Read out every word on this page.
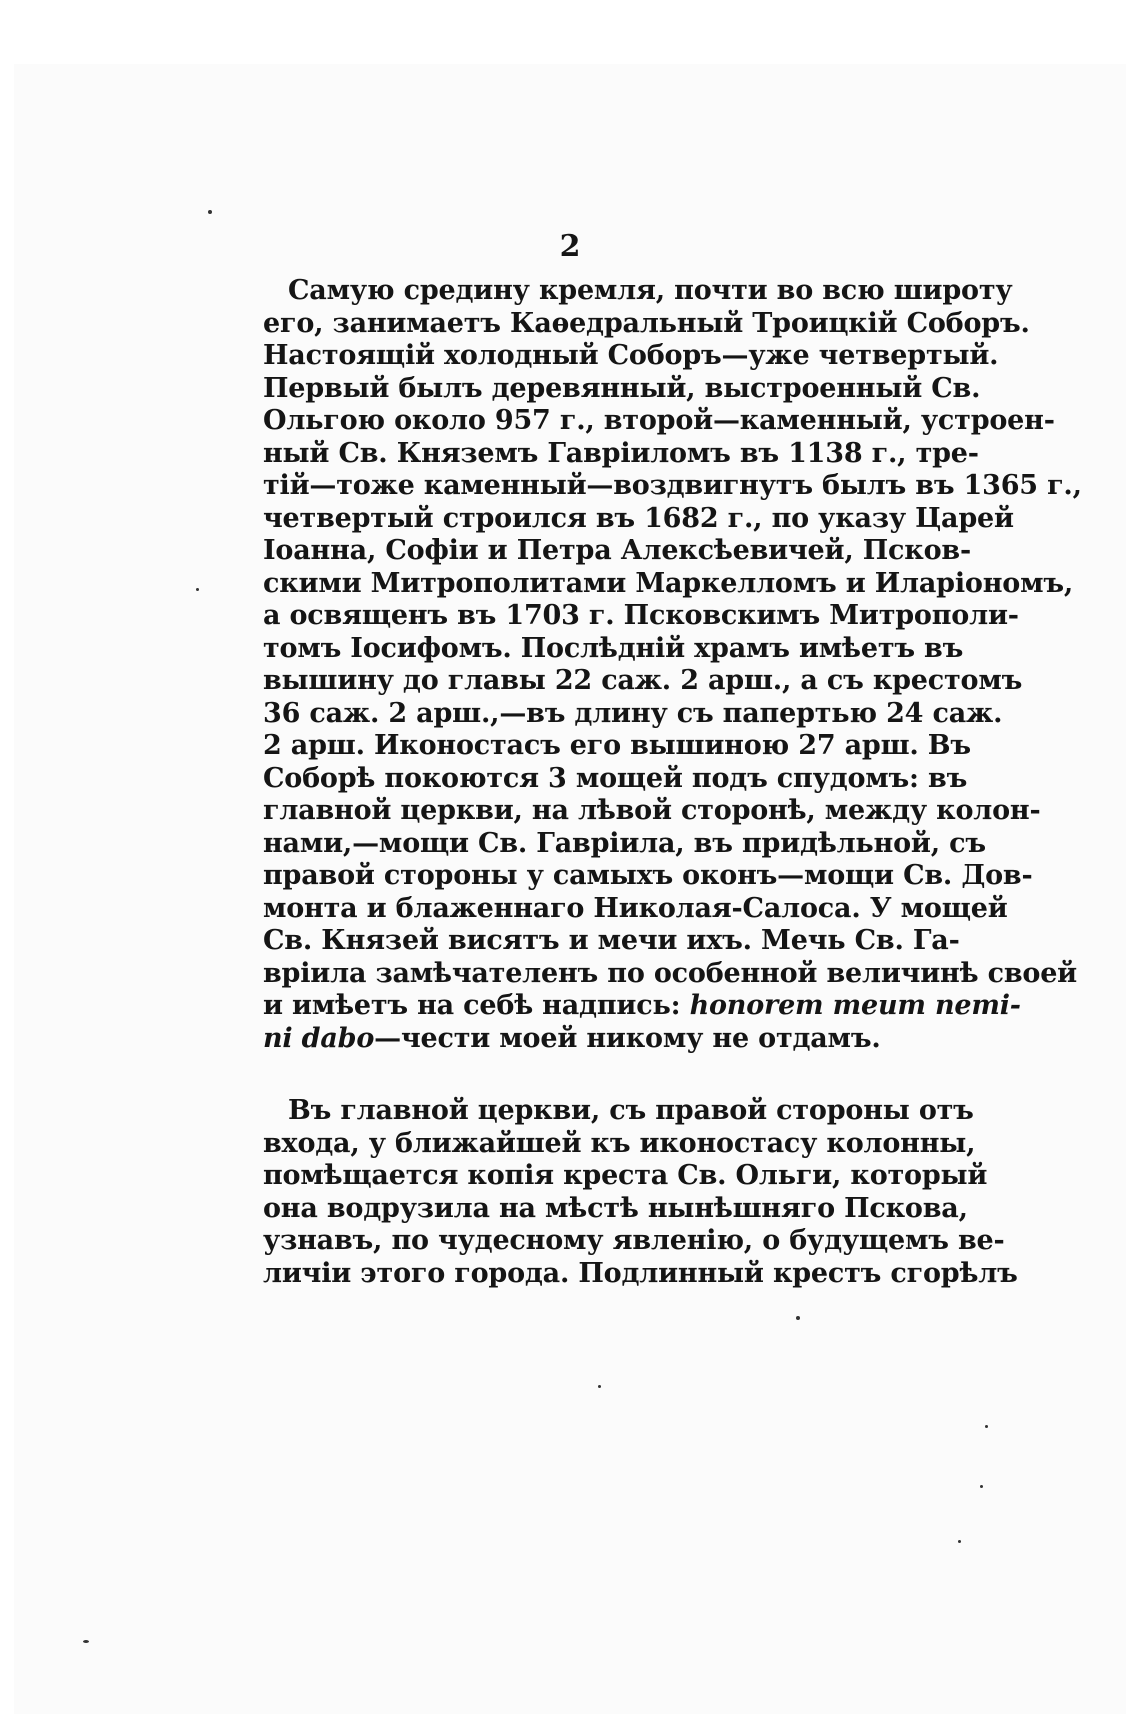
2
Самую средину кремля, почти во всю широту
его, занимаетъ Каѳедральный Троицкій Соборъ.
Настоящій холодный Соборъ—уже четвертый.
Первый былъ деревянный, выстроенный Св.
Ольгою около 957 г., второй—каменный, устроен-
ный Св. Княземъ Гавріиломъ въ 1138 г., тре-
тій—тоже каменный—воздвигнутъ былъ въ 1365 г.,
четвертый строился въ 1682 г., по указу Царей
Іоанна, Софіи и Петра Алексѣевичей, Псков-
скими Митрополитами Маркелломъ и Иларіономъ,
а освященъ въ 1703 г. Псковскимъ Митрополи-
томъ Іосифомъ. Послѣдній храмъ имѣетъ въ
вышину до главы 22 саж. 2 арш., а съ крестомъ
36 саж. 2 арш.,—въ длину съ папертью 24 саж.
2 арш. Иконостасъ его вышиною 27 арш. Въ
Соборѣ покоются 3 мощей подъ спудомъ: въ
главной церкви, на лѣвой сторонѣ, между колон-
нами,—мощи Св. Гавріила, въ придѣльной, съ
правой стороны у самыхъ оконъ—мощи Св. Дов-
монта и блаженнаго Николая-Салоса. У мощей
Св. Князей висятъ и мечи ихъ. Мечь Св. Га-
вріила замѣчателенъ по особенной величинѣ своей
и имѣетъ на себѣ надпись: honorem meum nemi-
ni dabo—чести моей никому не отдамъ.
Въ главной церкви, съ правой стороны отъ
входа, у ближайшей къ иконостасу колонны,
помѣщается копія креста Св. Ольги, который
она водрузила на мѣстѣ нынѣшняго Пскова,
узнавъ, по чудесному явленію, о будущемъ ве-
личіи этого города. Подлинный крестъ сгорѣлъ
